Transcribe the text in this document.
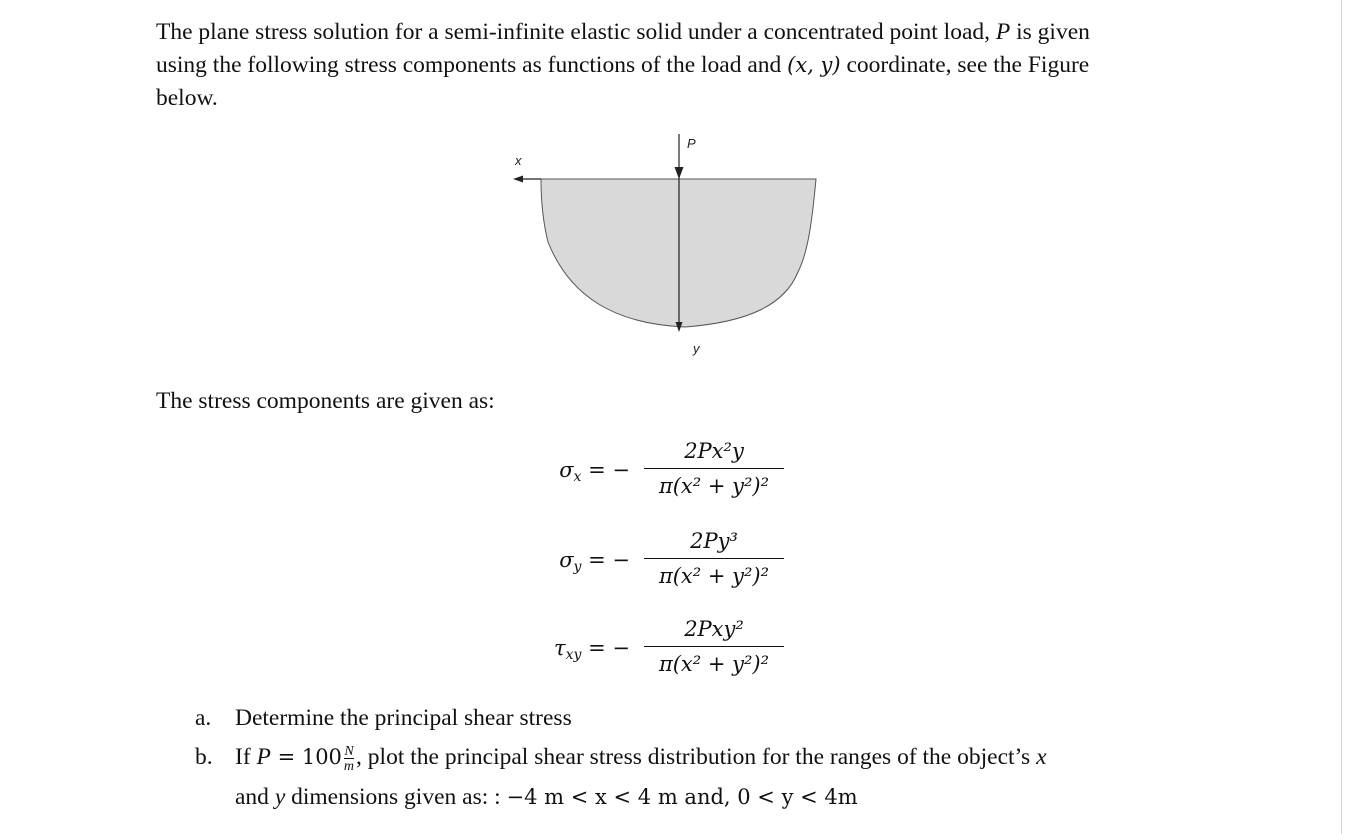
The plane stress solution for a semi-infinite elastic solid under a concentrated point load, P is given
using the following stress components as functions of the load and (x, y) coordinate, see the Figure
below.
P
x
y
The stress components are given as:
$\sigma_x$ = −
2Px²y
π(x² + y²)²
$\sigma_y$ = −
2Py³
π(x² + y²)²
$\tau_{xy}$ = −
2Pxy²
π(x² + y²)²
a. Determine the principal shear stress
b. If $P = 100 \frac{N}{m}$, plot the principal shear stress distribution for the ranges of the object’s x
and y dimensions given as: : −4 m < x < 4 m and, 0 < y < 4m
